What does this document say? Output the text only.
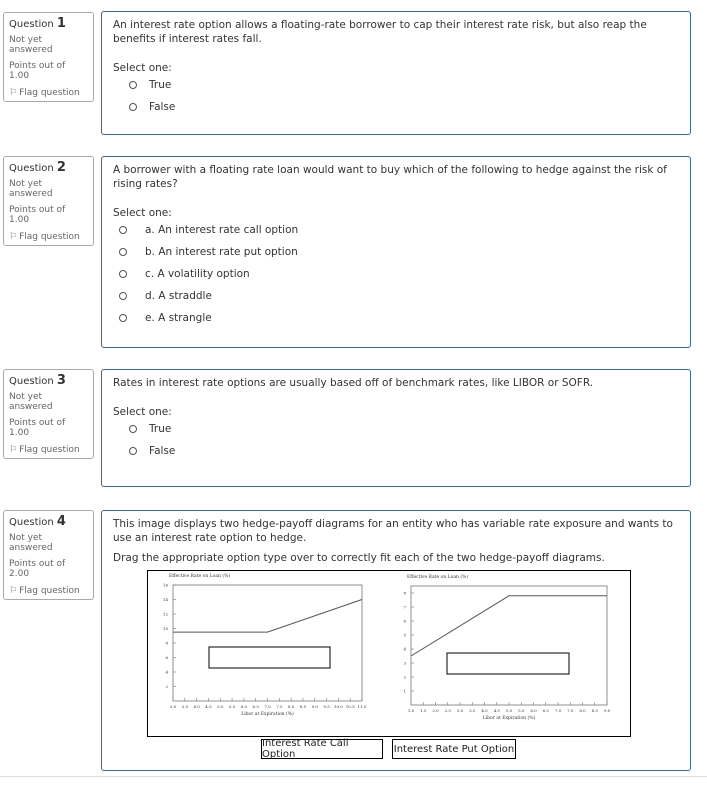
Question 1
Not yet answered
Points out of 1.00
⚐ Flag question
An interest rate option allows a floating-rate borrower to cap their interest rate risk, but also reap the benefits if interest rates fall.
Select one:
True
False
Question 2
Not yet answered
Points out of 1.00
⚐ Flag question
A borrower with a floating rate loan would want to buy which of the following to hedge against the risk of rising rates?
Select one:
a. An interest rate call option
b. An interest rate put option
c. A volatility option
d. A straddle
e. A strangle
Question 3
Not yet answered
Points out of 1.00
⚐ Flag question
Rates in interest rate options are usually based off of benchmark rates, like LIBOR or SOFR.
Select one:
True
False
Question 4
Not yet answered
Points out of 2.00
⚐ Flag question
This image displays two hedge-payoff diagrams for an entity who has variable rate exposure and wants to use an interest rate option to hedge.
Drag the appropriate option type over to correctly fit each of the two hedge-payoff diagrams.
Effective Rate on Loan (%)
2
4
6
8
10
12
14
16
3.0 3.5 4.0 4.5 5.0 5.5 6.0 6.5 7.0 7.5 8.0 8.5 9.0 9.5 10.0 10.5 11.0
Libor at Expiration (%)
Effective Rate on Loan (%)
1
2
3
4
5
6
7
8
1.0 1.5 2.0 2.5 3.0 3.5 4.0 4.5 5.0 5.5 6.0 6.5 7.0 7.5 8.0 8.5 9.0
Libor at Expiration (%)
Interest Rate Call Option	Interest Rate Put Option
